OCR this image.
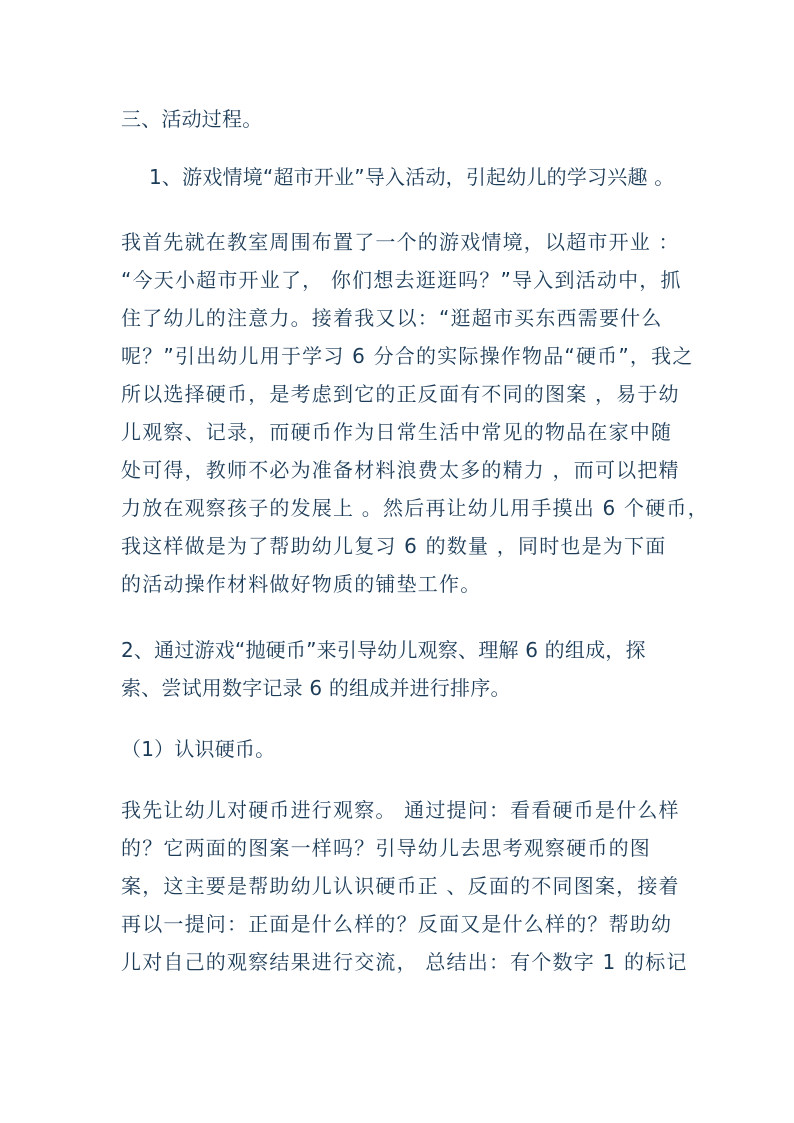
三、活动过程。
1、游戏情境“超市开业”导入活动，引起幼儿的学习兴趣 。
我首先就在教室周围布置了一个的游戏情境，以超市开业 ：
“今天小超市开业了， 你们想去逛逛吗？”导入到活动中，抓
住了幼儿的注意力。接着我又以：“逛超市买东西需要什么
呢？”引出幼儿用于学习 6 分合的实际操作物品“硬币”，我之
所以选择硬币，是考虑到它的正反面有不同的图案 ，易于幼
儿观察、记录，而硬币作为日常生活中常见的物品在家中随
处可得，教师不必为准备材料浪费太多的精力 ，而可以把精
力放在观察孩子的发展上 。然后再让幼儿用手摸出 6 个硬币，
我这样做是为了帮助幼儿复习 6 的数量 ，同时也是为下面
的活动操作材料做好物质的铺垫工作。
2、通过游戏“抛硬币”来引导幼儿观察、理解 6 的组成，探
索、尝试用数字记录 6 的组成并进行排序。
（1）认识硬币。
我先让幼儿对硬币进行观察。 通过提问：看看硬币是什么样
的？它两面的图案一样吗？引导幼儿去思考观察硬币的图
案，这主要是帮助幼儿认识硬币正 、反面的不同图案，接着
再以一提问：正面是什么样的？反面又是什么样的？帮助幼
儿对自己的观察结果进行交流， 总结出：有个数字 1 的标记
